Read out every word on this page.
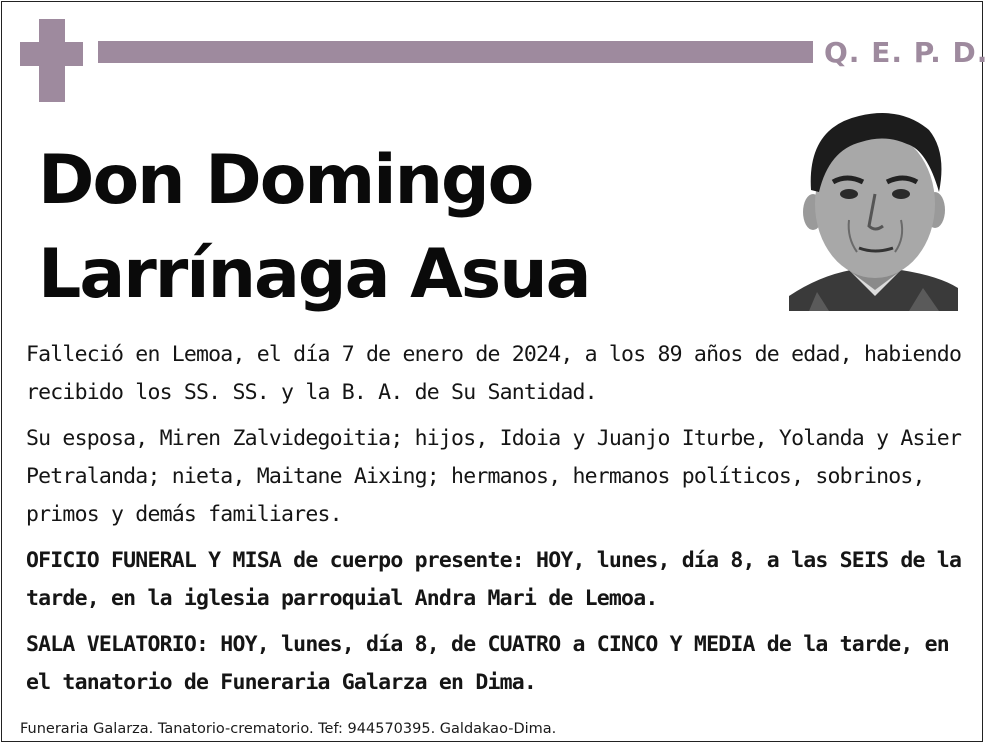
Q. E. P. D.
Don Domingo
Larrínaga Asua

Falleció en Lemoa, el día 7 de enero de 2024, a los 89 años de edad, habiendo recibido los SS. SS. y la B. A. de Su Santidad.

Su esposa, Miren Zalvidegoitia; hijos, Idoia y Juanjo Iturbe, Yolanda y Asier Petralanda; nieta, Maitane Aixing; hermanos, hermanos políticos, sobrinos, primos y demás familiares.

OFICIO FUNERAL Y MISA de cuerpo presente: HOY, lunes, día 8, a las SEIS de la tarde, en la iglesia parroquial Andra Mari de Lemoa.

SALA VELATORIO: HOY, lunes, día 8, de CUATRO a CINCO Y MEDIA de la tarde, en el tanatorio de Funeraria Galarza en Dima.

Funeraria Galarza. Tanatorio-crematorio. Tef: 944570395. Galdakao-Dima.
